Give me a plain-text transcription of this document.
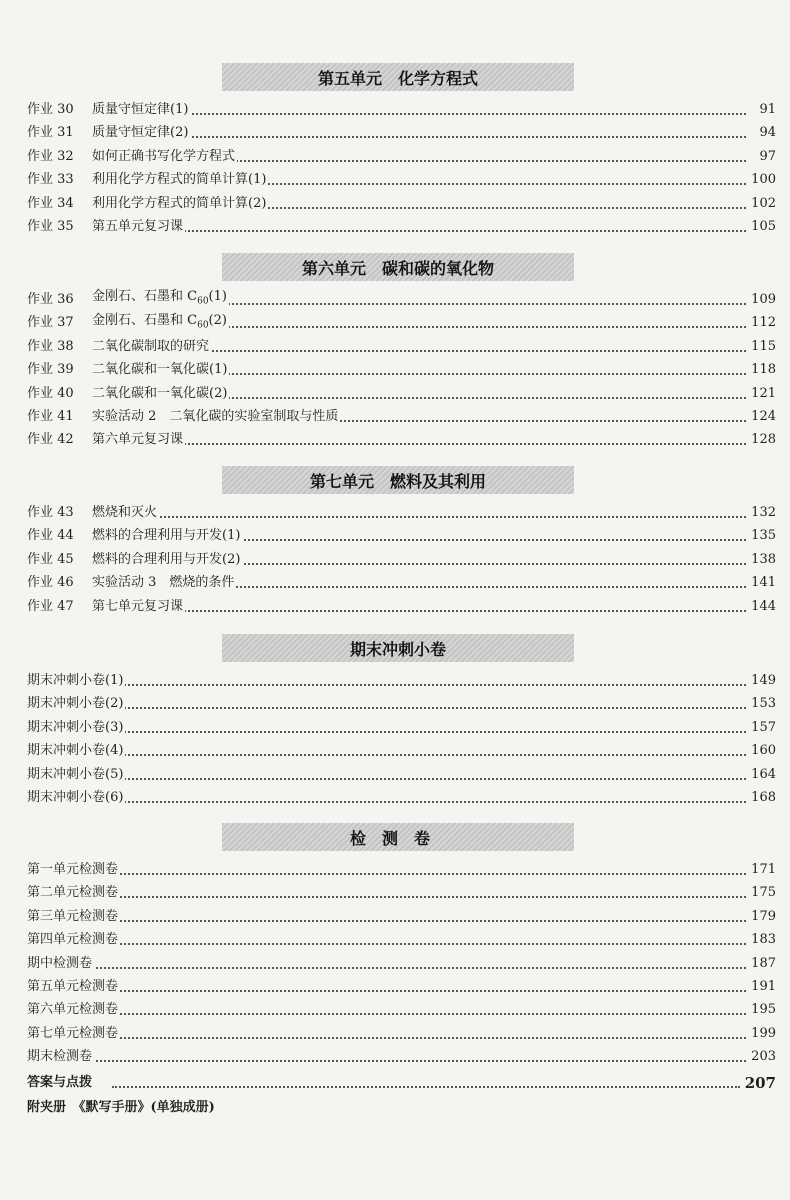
第五单元　化学方程式
作业 30 质量守恒定律(1)	91
作业 31 质量守恒定律(2)	94
作业 32 如何正确书写化学方程式	97
作业 33 利用化学方程式的简单计算(1)	100
作业 34 利用化学方程式的简单计算(2)	102
作业 35 第五单元复习课	105
第六单元　碳和碳的氧化物
作业 36 金刚石、石墨和 $C_{60}(1)$	109
作业 37 金刚石、石墨和 $C_{60}(2)$	112
作业 38 二氧化碳制取的研究	115
作业 39 二氧化碳和一氧化碳(1)	118
作业 40 二氧化碳和一氧化碳(2)	121
作业 41 实验活动 2　二氧化碳的实验室制取与性质	124
作业 42 第六单元复习课	128
第七单元　燃料及其利用
作业 43 燃烧和灭火	132
作业 44 燃料的合理利用与开发(1)	135
作业 45 燃料的合理利用与开发(2)	138
作业 46 实验活动 3　燃烧的条件	141
作业 47 第七单元复习课	144
期末冲刺小卷
期末冲刺小卷(1)	149
期末冲刺小卷(2)	153
期末冲刺小卷(3)	157
期末冲刺小卷(4)	160
期末冲刺小卷(5)	164
期末冲刺小卷(6)	168
检测卷
第一单元检测卷	171
第二单元检测卷	175
第三单元检测卷	179
第四单元检测卷	183
期中检测卷	187
第五单元检测卷	191
第六单元检测卷	195
第七单元检测卷	199
期末检测卷	203
答案与点拨	207
附夹册　《默写手册》(单独成册)
